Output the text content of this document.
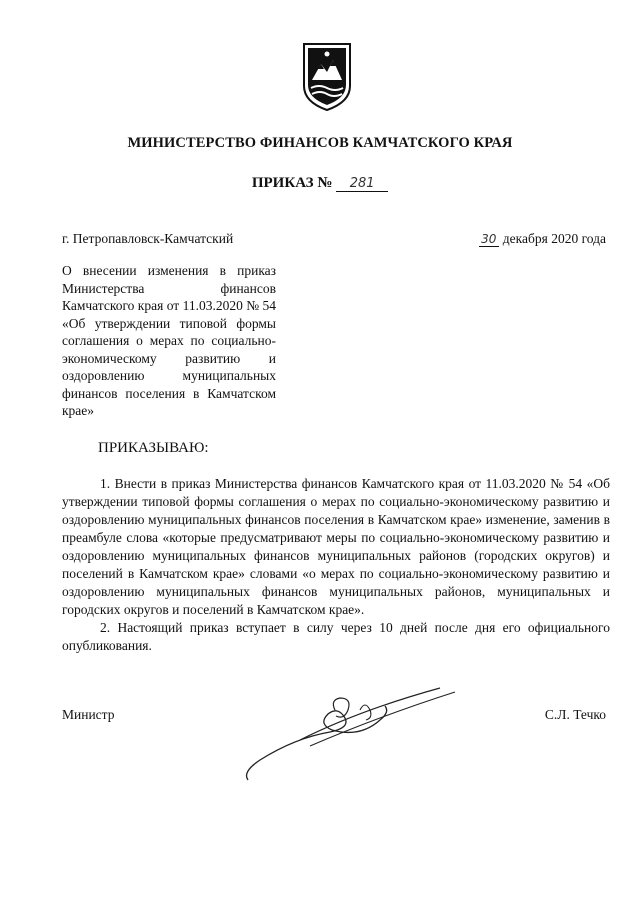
МИНИСТЕРСТВО ФИНАНСОВ КАМЧАТСКОГО КРАЯ
ПРИКАЗ № 281
г. Петропавловск-Камчатский	30 декабря 2020 года
О внесении изменения в приказ Министерства финансов Камчатского края от 11.03.2020 № 54 «Об утверждении типовой формы соглашения о мерах по социально-экономическому развитию и оздоровлению муниципальных финансов поселения в Камчатском крае»
ПРИКАЗЫВАЮ:

1. Внести в приказ Министерства финансов Камчатского края от 11.03.2020 № 54 «Об утверждении типовой формы соглашения о мерах по социально-экономическому развитию и оздоровлению муниципальных финансов поселения в Камчатском крае» изменение, заменив в преамбуле слова «которые предусматривают меры по социально-экономическому развитию и оздоровлению муниципальных финансов муниципальных районов (городских округов) и поселений в Камчатском крае» словами «о мерах по социально-экономическому развитию и оздоровлению муниципальных финансов муниципальных районов, муниципальных и городских округов и поселений в Камчатском крае».

2. Настоящий приказ вступает в силу через 10 дней после дня его официального опубликования.

Министр	С.Л. Течко
